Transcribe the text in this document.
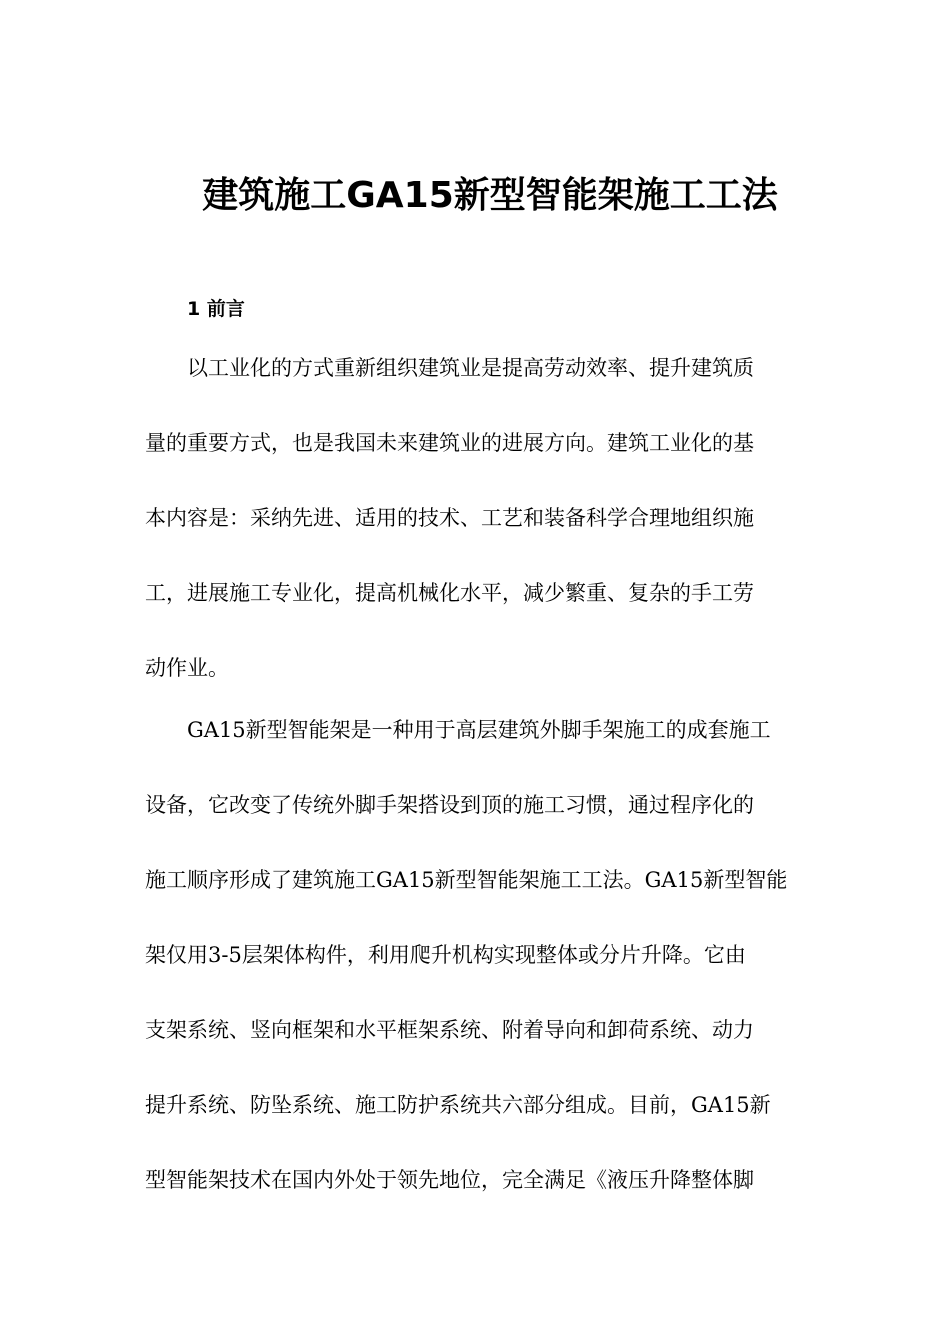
建筑施工GA15新型智能架施工工法
1 前言

以工业化的方式重新组织建筑业是提高劳动效率、提升建筑质

量的重要方式，也是我国未来建筑业的进展方向。建筑工业化的基

本内容是：采纳先进、适用的技术、工艺和装备科学合理地组织施

工，进展施工专业化，提高机械化水平，减少繁重、复杂的手工劳

动作业。

GA15新型智能架是一种用于高层建筑外脚手架施工的成套施工

设备，它改变了传统外脚手架搭设到顶的施工习惯，通过程序化的

施工顺序形成了建筑施工GA15新型智能架施工工法。GA15新型智能

架仅用3-5层架体构件，利用爬升机构实现整体或分片升降。它由

支架系统、竖向框架和水平框架系统、附着导向和卸荷系统、动力

提升系统、防坠系统、施工防护系统共六部分组成。目前，GA15新

型智能架技术在国内外处于领先地位，完全满足《液压升降整体脚
